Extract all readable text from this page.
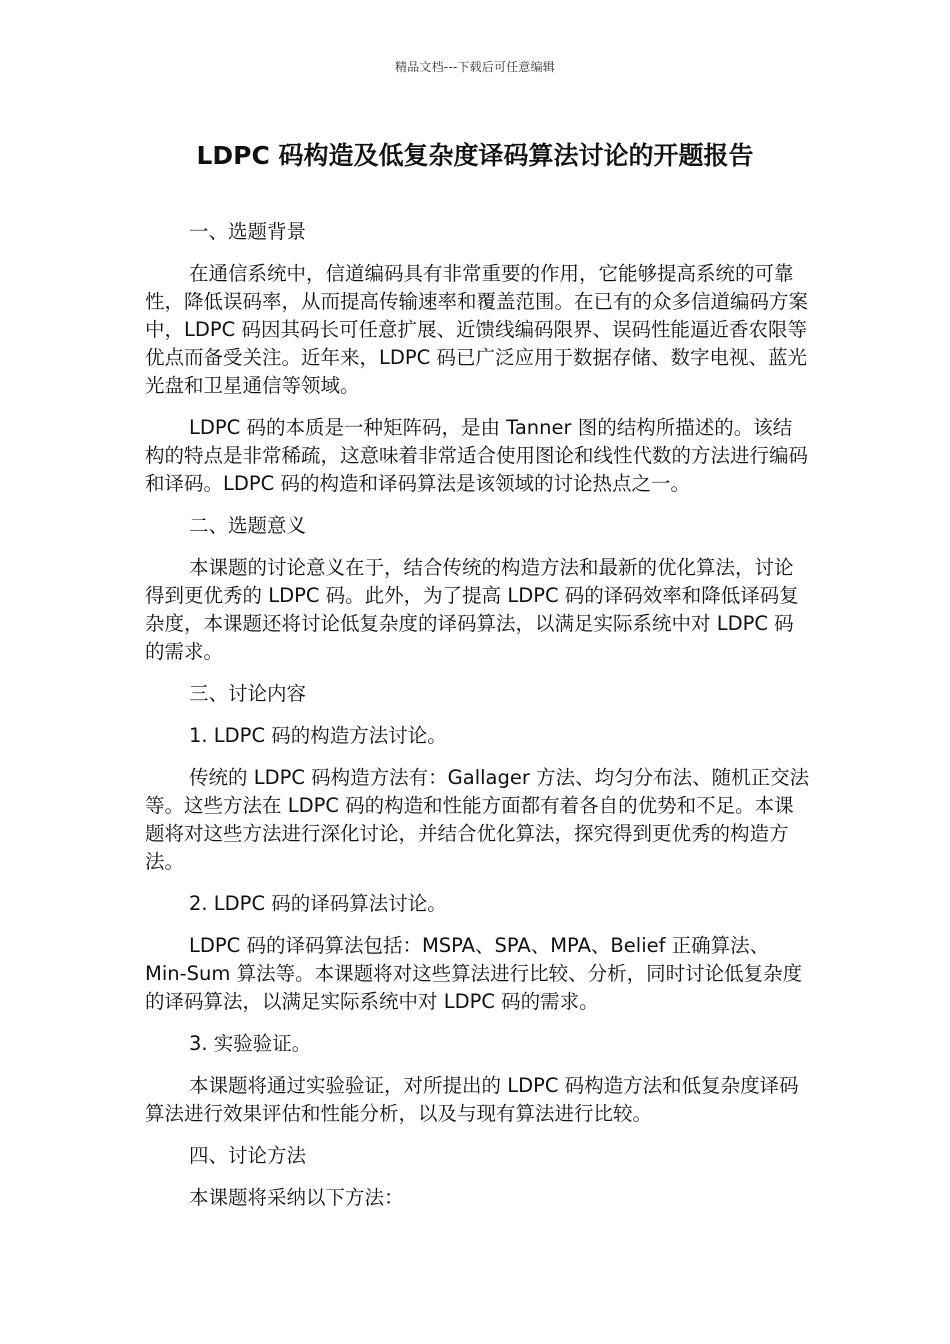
精品文档---下载后可任意编辑
LDPC 码构造及低复杂度译码算法讨论的开题报告

一、选题背景

在通信系统中，信道编码具有非常重要的作用，它能够提高系统的可靠性，降低误码率，从而提高传输速率和覆盖范围。在已有的众多信道编码方案中，LDPC 码因其码长可任意扩展、近馈线编码限界、误码性能逼近香农限等优点而备受关注。近年来，LDPC 码已广泛应用于数据存储、数字电视、蓝光光盘和卫星通信等领域。

LDPC 码的本质是一种矩阵码，是由 Tanner 图的结构所描述的。该结构的特点是非常稀疏，这意味着非常适合使用图论和线性代数的方法进行编码和译码。LDPC 码的构造和译码算法是该领域的讨论热点之一。

二、选题意义

本课题的讨论意义在于，结合传统的构造方法和最新的优化算法，讨论得到更优秀的 LDPC 码。此外，为了提高 LDPC 码的译码效率和降低译码复杂度，本课题还将讨论低复杂度的译码算法，以满足实际系统中对 LDPC 码的需求。

三、讨论内容

1. LDPC 码的构造方法讨论。

传统的 LDPC 码构造方法有：Gallager 方法、均匀分布法、随机正交法等。这些方法在 LDPC 码的构造和性能方面都有着各自的优势和不足。本课题将对这些方法进行深化讨论，并结合优化算法，探究得到更优秀的构造方法。

2. LDPC 码的译码算法讨论。

LDPC 码的译码算法包括：MSPA、SPA、MPA、Belief 正确算法、Min-Sum 算法等。本课题将对这些算法进行比较、分析，同时讨论低复杂度的译码算法，以满足实际系统中对 LDPC 码的需求。

3. 实验验证。

本课题将通过实验验证，对所提出的 LDPC 码构造方法和低复杂度译码算法进行效果评估和性能分析，以及与现有算法进行比较。

四、讨论方法

本课题将采纳以下方法：
